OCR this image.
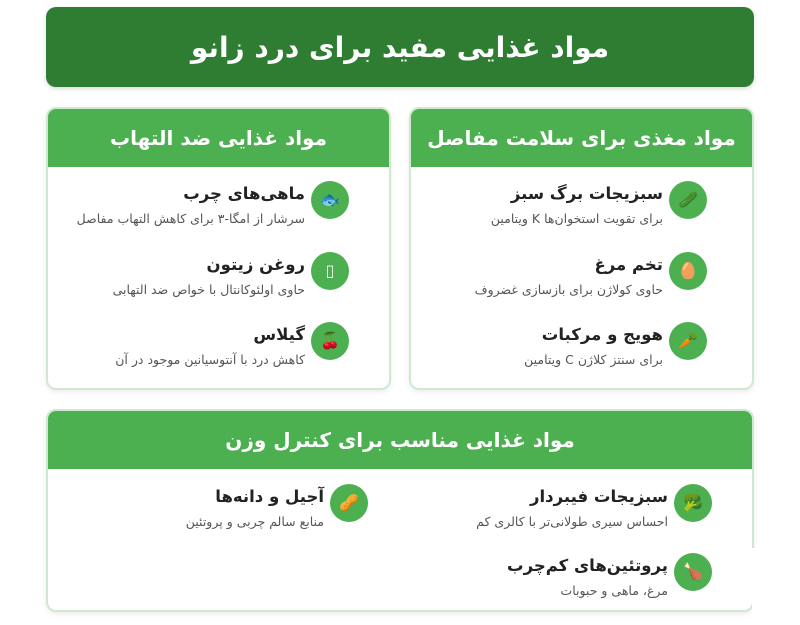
مواد غذایی مفید برای درد زانو
مواد مغذی برای سلامت مفاصل
🥒
سبزیجات برگ سبز
برای تقویت استخوان‌ها K ویتامین
🥚
تخم مرغ
حاوی کولاژن برای بازسازی غضروف
🥕
هویج و مرکبات
برای سنتز کلاژن C ویتامین
مواد غذایی ضد التهاب
🐟
ماهی‌های چرب
سرشار از امگا-۳ برای کاهش التهاب مفاصل
▯
روغن زیتون
حاوی اولئوکانتال با خواص ضد التهابی
🍒
گیلاس
کاهش درد با آنتوسیانین موجود در آن
مواد غذایی مناسب برای کنترل وزن
🥦
سبزیجات فیبردار
احساس سیری طولانی‌تر با کالری کم
🥜
آجیل و دانه‌ها
منابع سالم چربی و پروتئین
🍗
پروتئین‌های کم‌چرب
مرغ، ماهی و حبوبات
